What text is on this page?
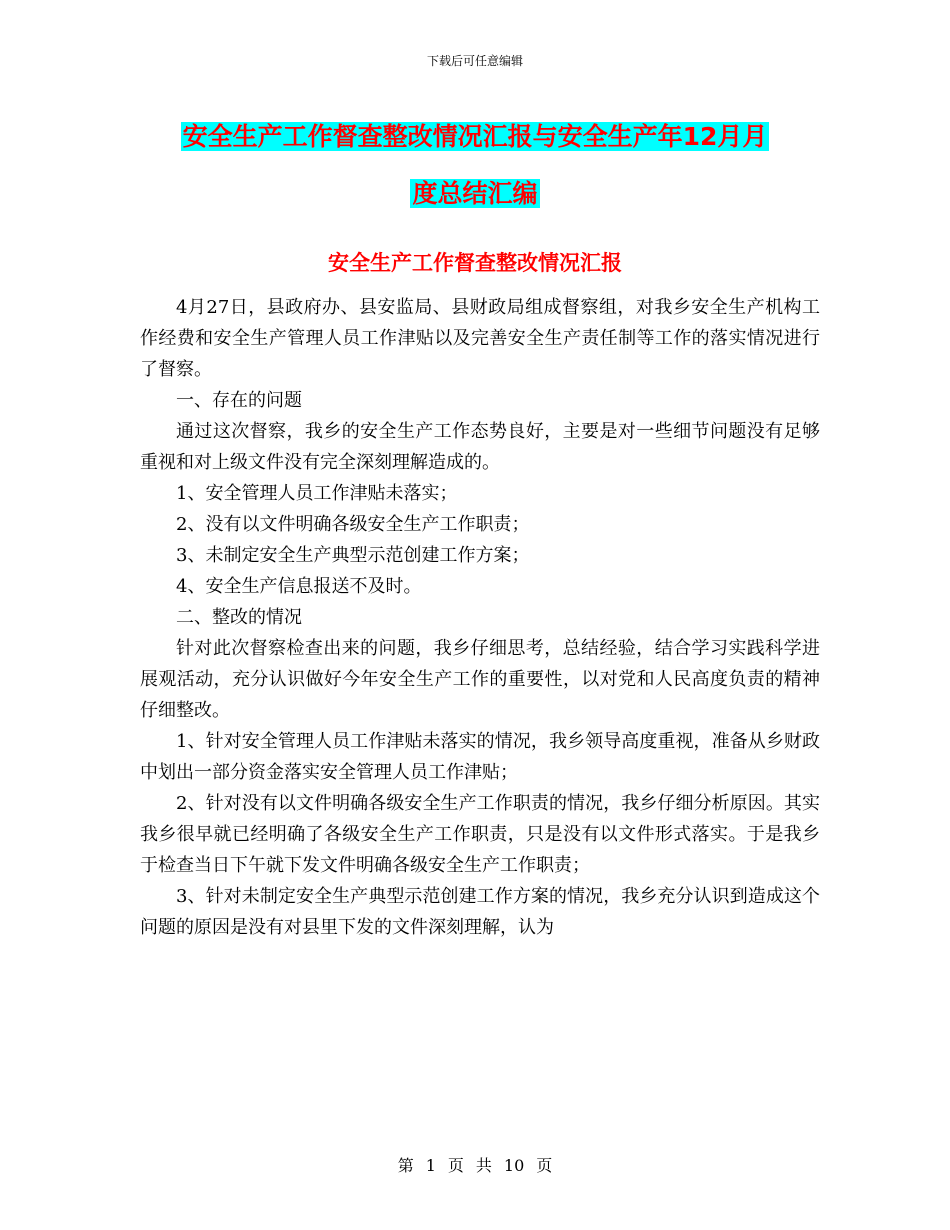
下载后可任意编辑
安全生产工作督查整改情况汇报与安全生产年12月月
度总结汇编
安全生产工作督查整改情况汇报

4月27日，县政府办、县安监局、县财政局组成督察组，对我乡安全生产机构工作经费和安全生产管理人员工作津贴以及完善安全生产责任制等工作的落实情况进行了督察。

一、存在的问题

通过这次督察，我乡的安全生产工作态势良好，主要是对一些细节问题没有足够重视和对上级文件没有完全深刻理解造成的。

1、安全管理人员工作津贴未落实；

2、没有以文件明确各级安全生产工作职责；

3、未制定安全生产典型示范创建工作方案；

4、安全生产信息报送不及时。

二、整改的情况

针对此次督察检查出来的问题，我乡仔细思考，总结经验，结合学习实践科学进展观活动，充分认识做好今年安全生产工作的重要性，以对党和人民高度负责的精神仔细整改。

1、针对安全管理人员工作津贴未落实的情况，我乡领导高度重视，准备从乡财政中划出一部分资金落实安全管理人员工作津贴；

2、针对没有以文件明确各级安全生产工作职责的情况，我乡仔细分析原因。其实我乡很早就已经明确了各级安全生产工作职责，只是没有以文件形式落实。于是我乡于检查当日下午就下发文件明确各级安全生产工作职责；

3、针对未制定安全生产典型示范创建工作方案的情况，我乡充分认识到造成这个问题的原因是没有对县里下发的文件深刻理解，认为

第 1 页 共 10 页
